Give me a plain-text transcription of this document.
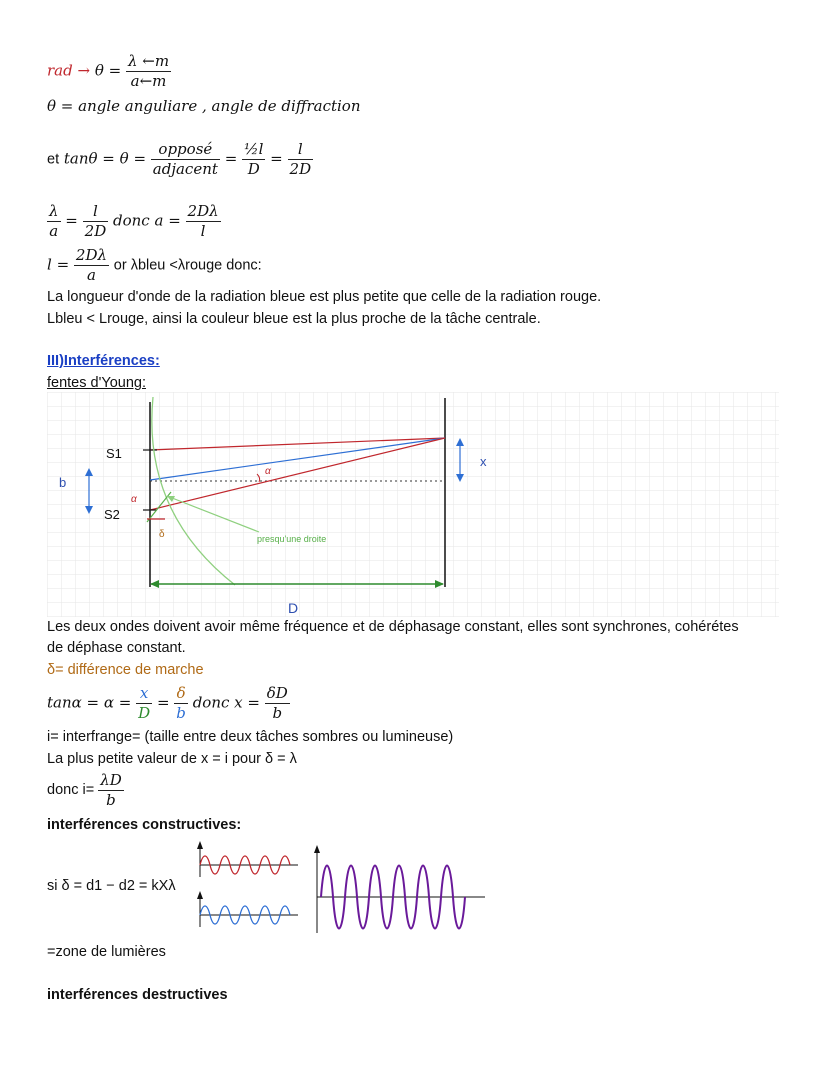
rad → $\theta = \frac{\lambda \leftarrow m}{a\leftarrow m}$
θ = angle anguliare , angle de diffraction
et $\tan\theta = \theta = \frac{\text{opposé}}{\text{adjacent}} = \frac{\text{½l}}{D} = \frac{l}{2D}$
$\frac{\lambda}{a} = \frac{l}{2D}$ donc $a = \frac{2D\lambda}{l}$
$l = \frac{2D\lambda}{a}$ or λbleu <λrouge donc:
La longueur d'onde de la radiation bleue est plus petite que celle de la radiation rouge.
Lbleu < Lrouge, ainsi la couleur bleue est la plus proche de la tâche centrale.
III)Interférences:
fentes d'Young:
S1
S2
b
x
D
α
α
δ	presqu'une droite
Les deux ondes doivent avoir même fréquence et de déphasage constant, elles sont synchrones, cohérétes
de déphase constant.
δ= différence de marche
$\tan\alpha = \alpha = \frac{x}{D} = \frac{\delta}{b}$ donc $x = \frac{\delta D}{b}$
i= interfrange= (taille entre deux tâches sombres ou lumineuse)
La plus petite valeur de x = i pour δ = λ
donc $i= \frac{\lambda D}{b}$
interférences constructives:
si δ = d1 − d2 = kXλ
=zone de lumières
interférences destructives
